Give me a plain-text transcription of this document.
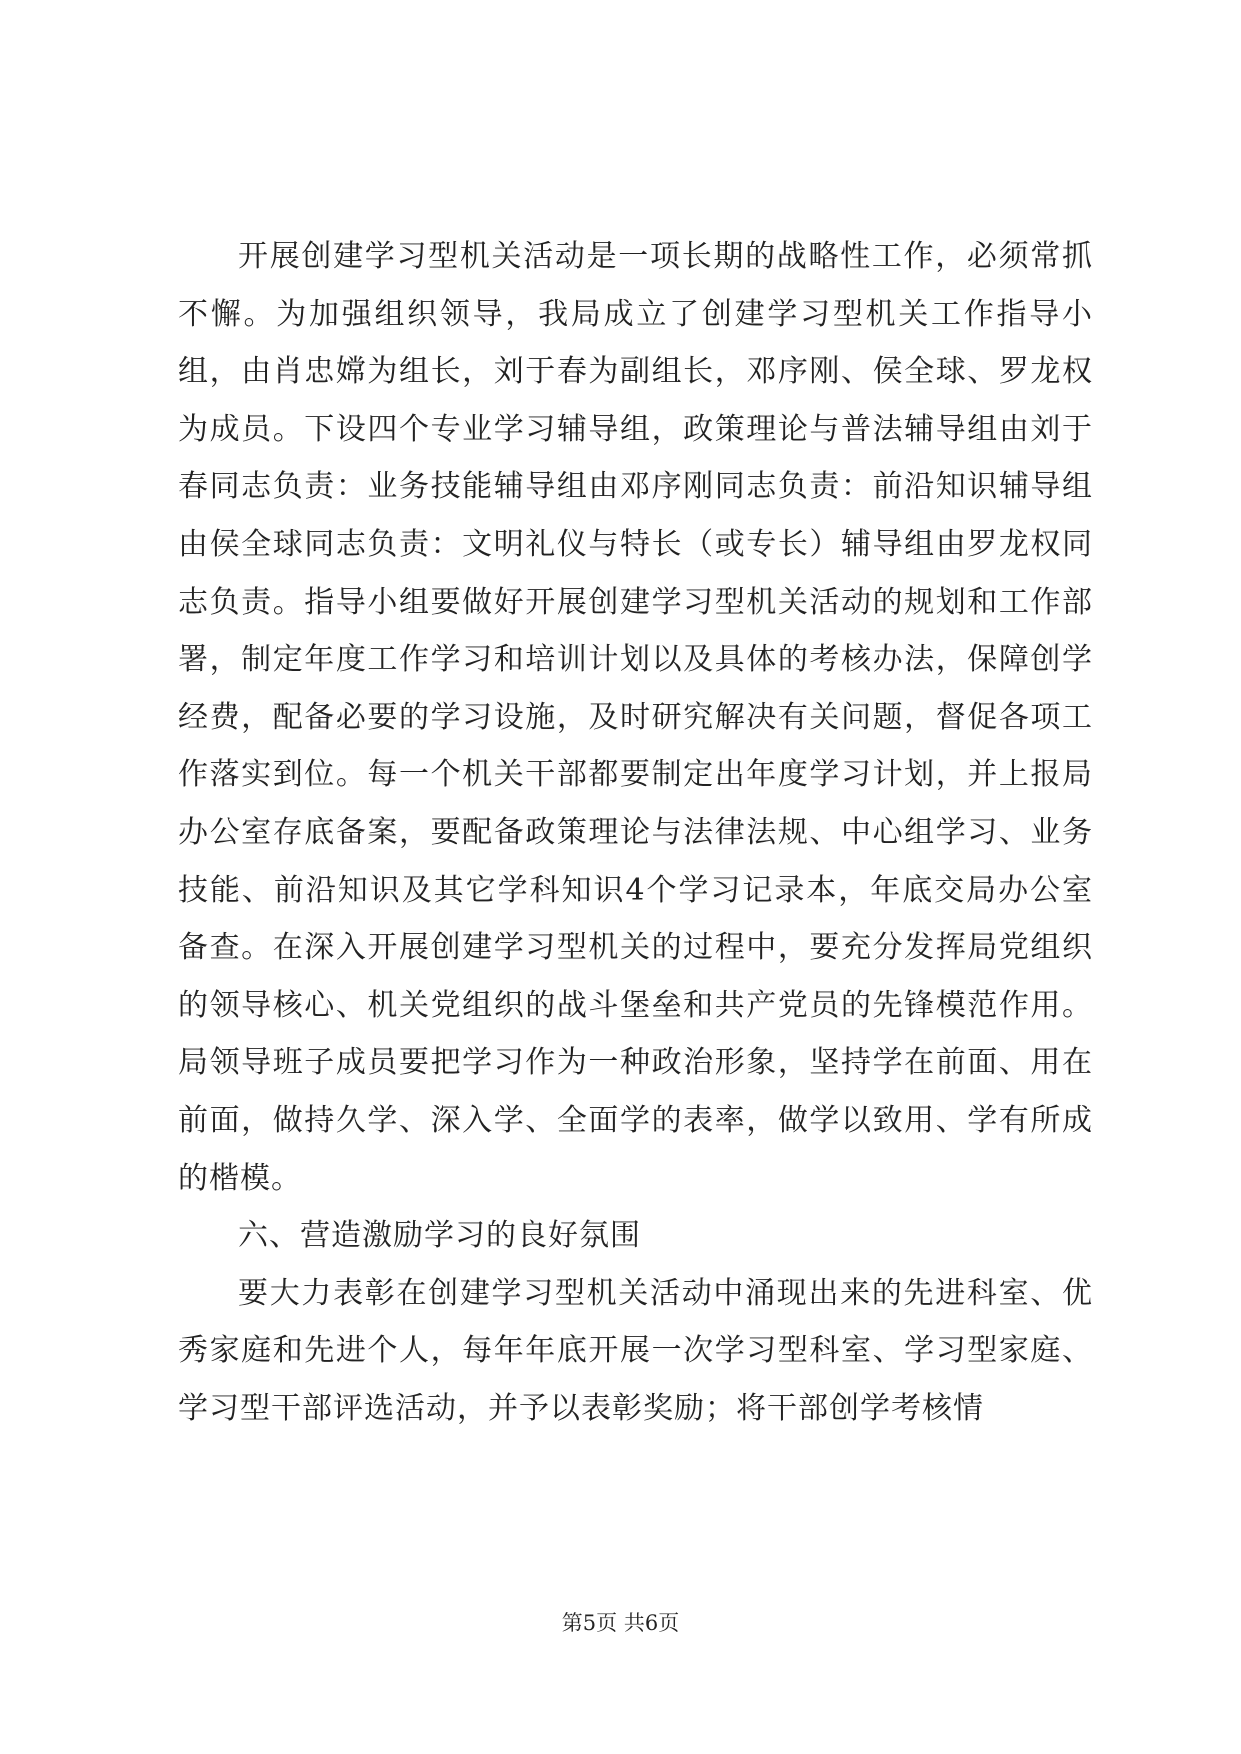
开展创建学习型机关活动是一项长期的战略性工作，必须常抓不懈。为加强组织领导，我局成立了创建学习型机关工作指导小组，由肖忠嫦为组长，刘于春为副组长，邓序刚、侯全球、罗龙权为成员。下设四个专业学习辅导组，政策理论与普法辅导组由刘于春同志负责：业务技能辅导组由邓序刚同志负责：前沿知识辅导组由侯全球同志负责：文明礼仪与特长（或专长）辅导组由罗龙权同志负责。指导小组要做好开展创建学习型机关活动的规划和工作部署，制定年度工作学习和培训计划以及具体的考核办法，保障创学经费，配备必要的学习设施，及时研究解决有关问题，督促各项工作落实到位。每一个机关干部都要制定出年度学习计划，并上报局办公室存底备案，要配备政策理论与法律法规、中心组学习、业务技能、前沿知识及其它学科知识4个学习记录本，年底交局办公室备查。在深入开展创建学习型机关的过程中，要充分发挥局党组织的领导核心、机关党组织的战斗堡垒和共产党员的先锋模范作用。局领导班子成员要把学习作为一种政治形象，坚持学在前面、用在前面，做持久学、深入学、全面学的表率，做学以致用、学有所成的楷模。

六、营造激励学习的良好氛围

要大力表彰在创建学习型机关活动中涌现出来的先进科室、优秀家庭和先进个人，每年年底开展一次学习型科室、学习型家庭、学习型干部评选活动，并予以表彰奖励；将干部创学考核情

第5页 共6页
